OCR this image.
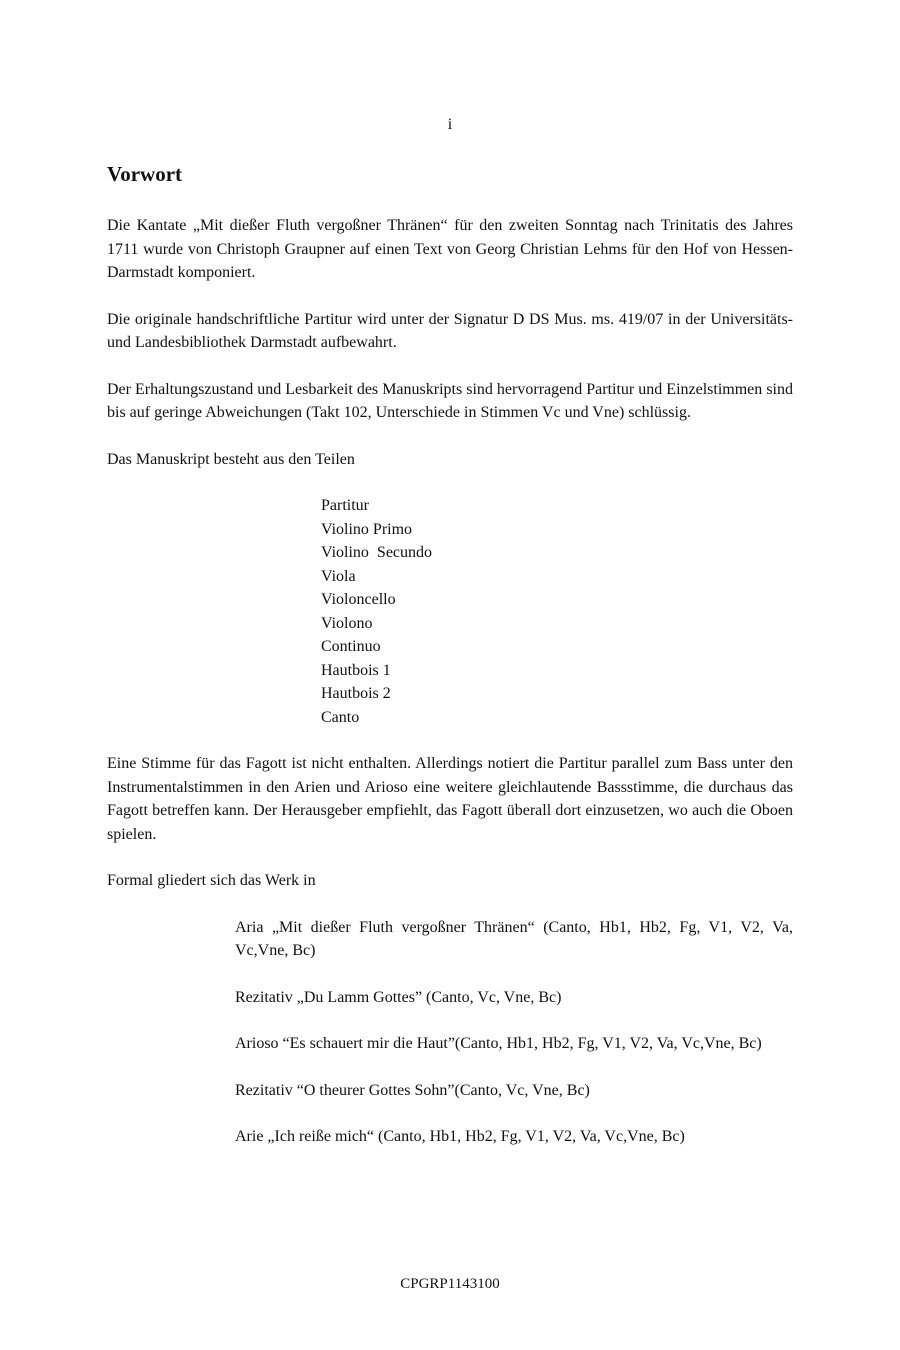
i
Vorwort

Die Kantate „Mit dießer Fluth vergoßner Thränen“ für den zweiten Sonntag nach Trinitatis des Jahres 1711 wurde von Christoph Graupner auf einen Text von Georg Christian Lehms für den Hof von Hessen-Darmstadt komponiert.

Die originale handschriftliche Partitur wird unter der Signatur D DS Mus. ms. 419/07 in der Universitäts- und Landesbibliothek Darmstadt aufbewahrt.

Der Erhaltungszustand und Lesbarkeit des Manuskripts sind hervorragend Partitur und Einzelstimmen sind bis auf geringe Abweichungen (Takt 102, Unterschiede in Stimmen Vc und Vne) schlüssig.

Das Manuskript besteht aus den Teilen

Partitur
Violino Primo
Violino  Secundo
Viola
Violoncello
Violono
Continuo
Hautbois 1
Hautbois 2
Canto

Eine Stimme für das Fagott ist nicht enthalten. Allerdings notiert die Partitur parallel zum Bass unter den Instrumentalstimmen in den Arien und Arioso eine weitere gleichlautende Bassstimme, die durchaus das Fagott betreffen kann. Der Herausgeber empfiehlt, das Fagott überall dort einzusetzen, wo auch die Oboen spielen.

Formal gliedert sich das Werk in

Aria „Mit dießer Fluth vergoßner Thränen“ (Canto, Hb1, Hb2, Fg, V1, V2, Va, Vc,Vne, Bc)
Rezitativ „Du Lamm Gottes” (Canto, Vc, Vne, Bc)
Arioso “Es schauert mir die Haut”(Canto, Hb1, Hb2, Fg, V1, V2, Va, Vc,Vne, Bc)
Rezitativ “O theurer Gottes Sohn”(Canto, Vc, Vne, Bc)
Arie „Ich reiße mich“ (Canto, Hb1, Hb2, Fg, V1, V2, Va, Vc,Vne, Bc)
CPGRP1143100
